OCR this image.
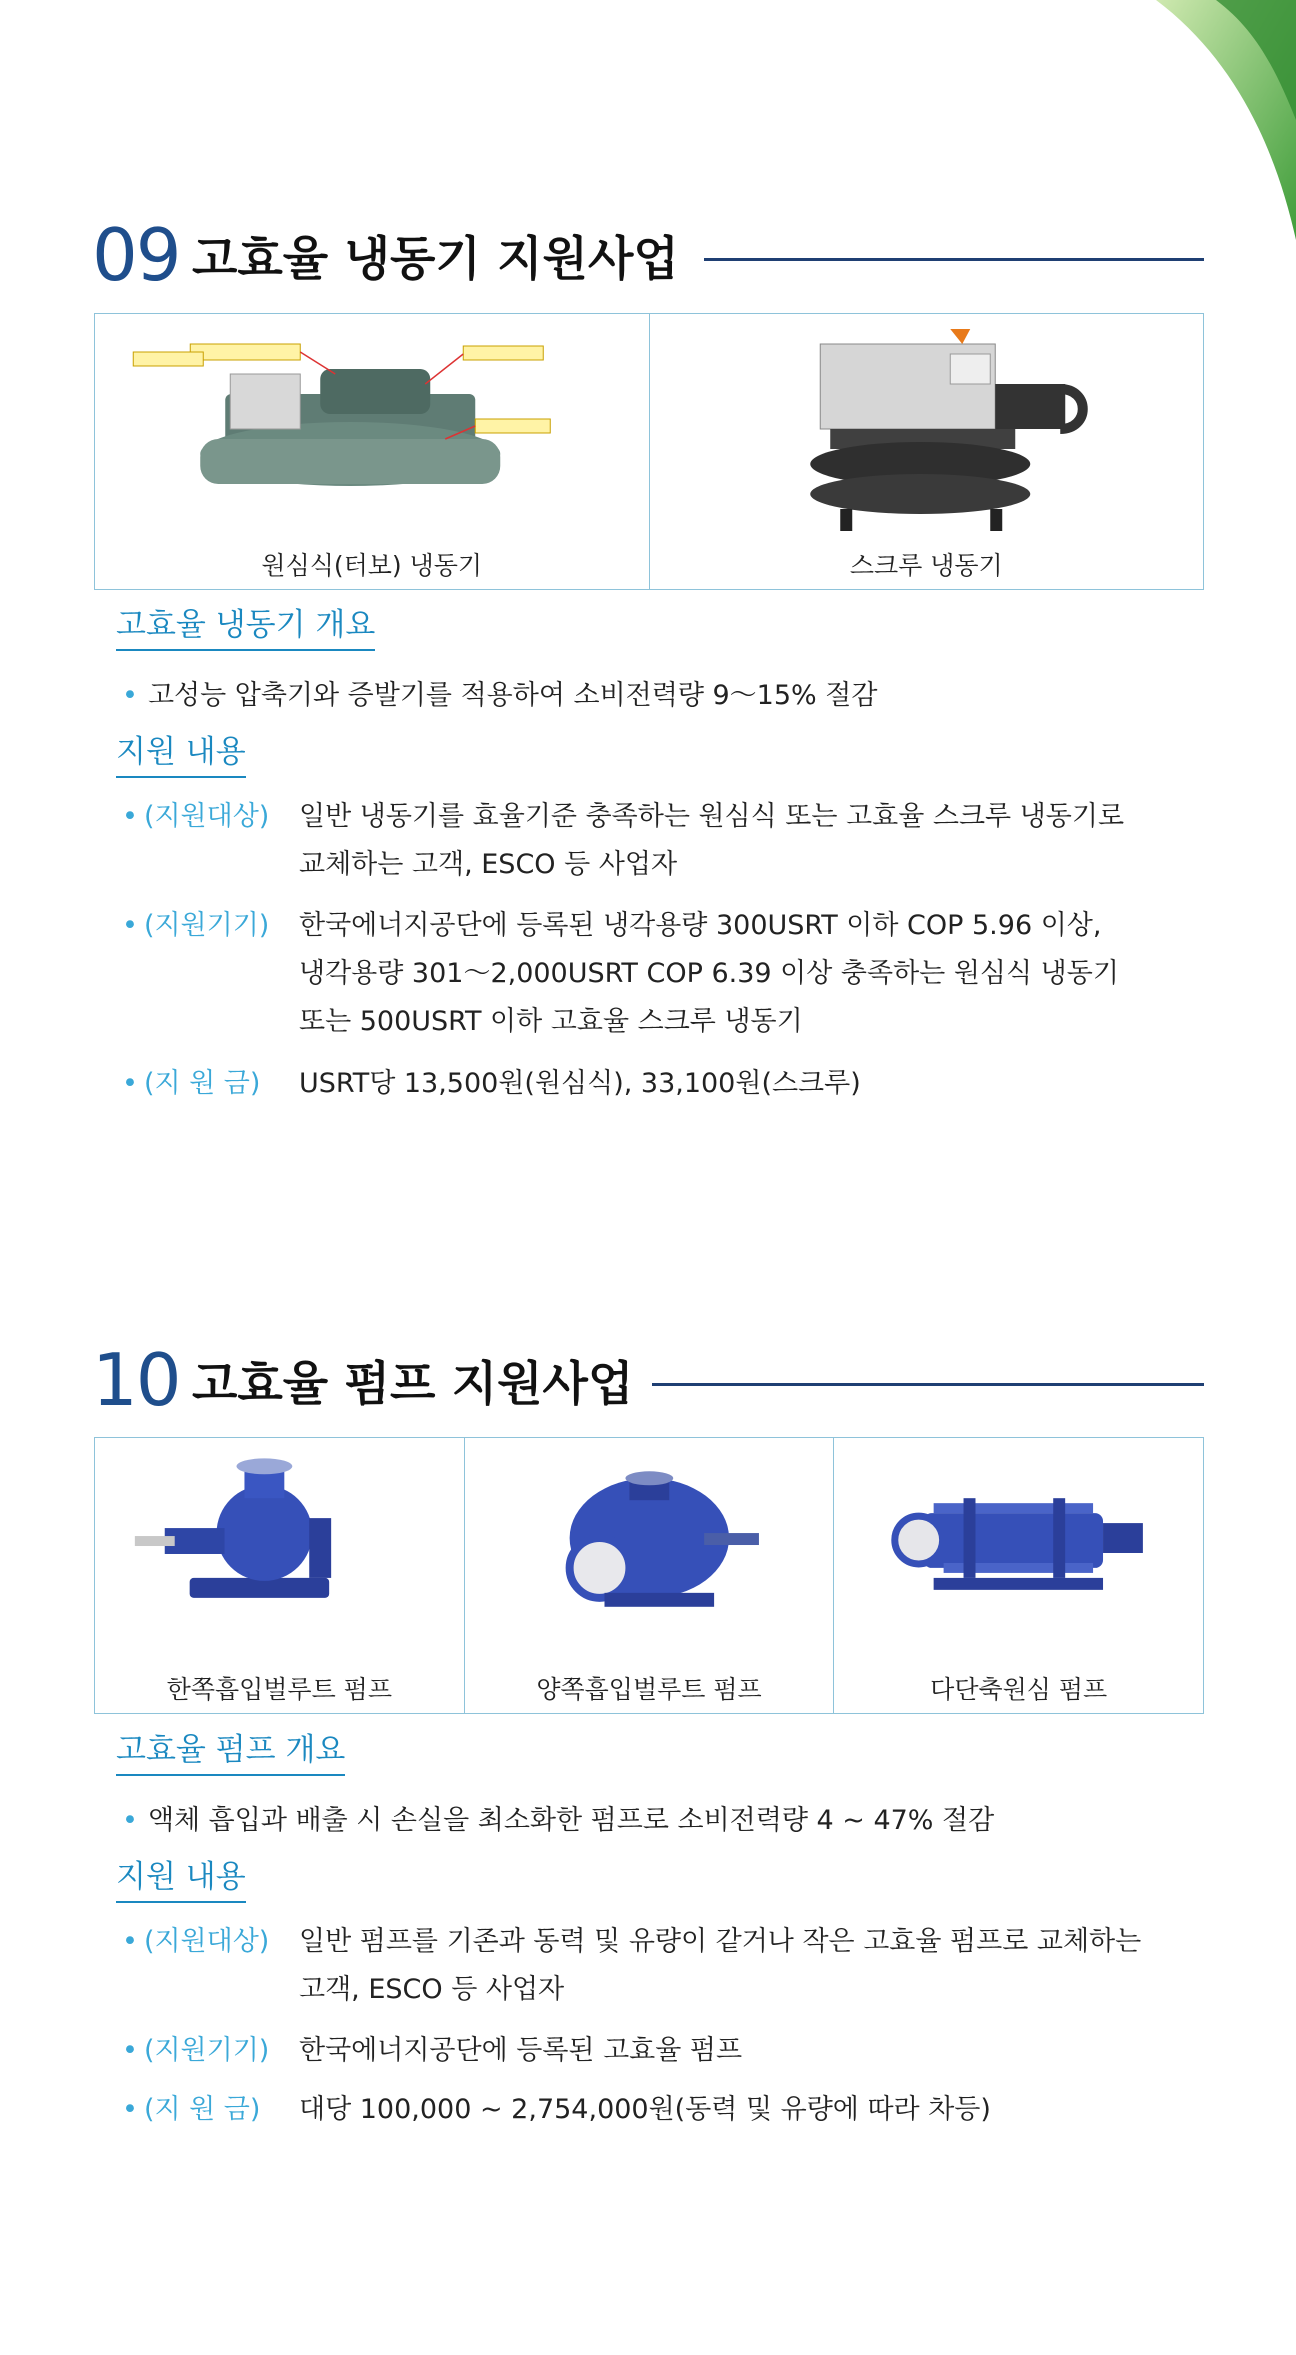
09 고효율 냉동기 지원사업
원심식(터보) 냉동기	스크루 냉동기
고효율 냉동기 개요
• 고성능 압축기와 증발기를 적용하여 소비전력량 9～15% 절감
지원 내용
• (지원대상) 일반 냉동기를 효율기준 충족하는 원심식 또는 고효율 스크루 냉동기로
교체하는 고객, ESCO 등 사업자
• (지원기기) 한국에너지공단에 등록된 냉각용량 300USRT 이하 COP 5.96 이상,
냉각용량 301～2,000USRT COP 6.39 이상 충족하는 원심식 냉동기
또는 500USRT 이하 고효율 스크루 냉동기
• (지 원 금) USRT당 13,500원(원심식), 33,100원(스크루)
10 고효율 펌프 지원사업
한쪽흡입벌루트 펌프	양쪽흡입벌루트 펌프	다단축원심 펌프
고효율 펌프 개요
• 액체 흡입과 배출 시 손실을 최소화한 펌프로 소비전력량 4 ~ 47% 절감
지원 내용
• (지원대상) 일반 펌프를 기존과 동력 및 유량이 같거나 작은 고효율 펌프로 교체하는
고객, ESCO 등 사업자
• (지원기기) 한국에너지공단에 등록된 고효율 펌프
• (지 원 금) 대당 100,000 ~ 2,754,000원(동력 및 유량에 따라 차등)
